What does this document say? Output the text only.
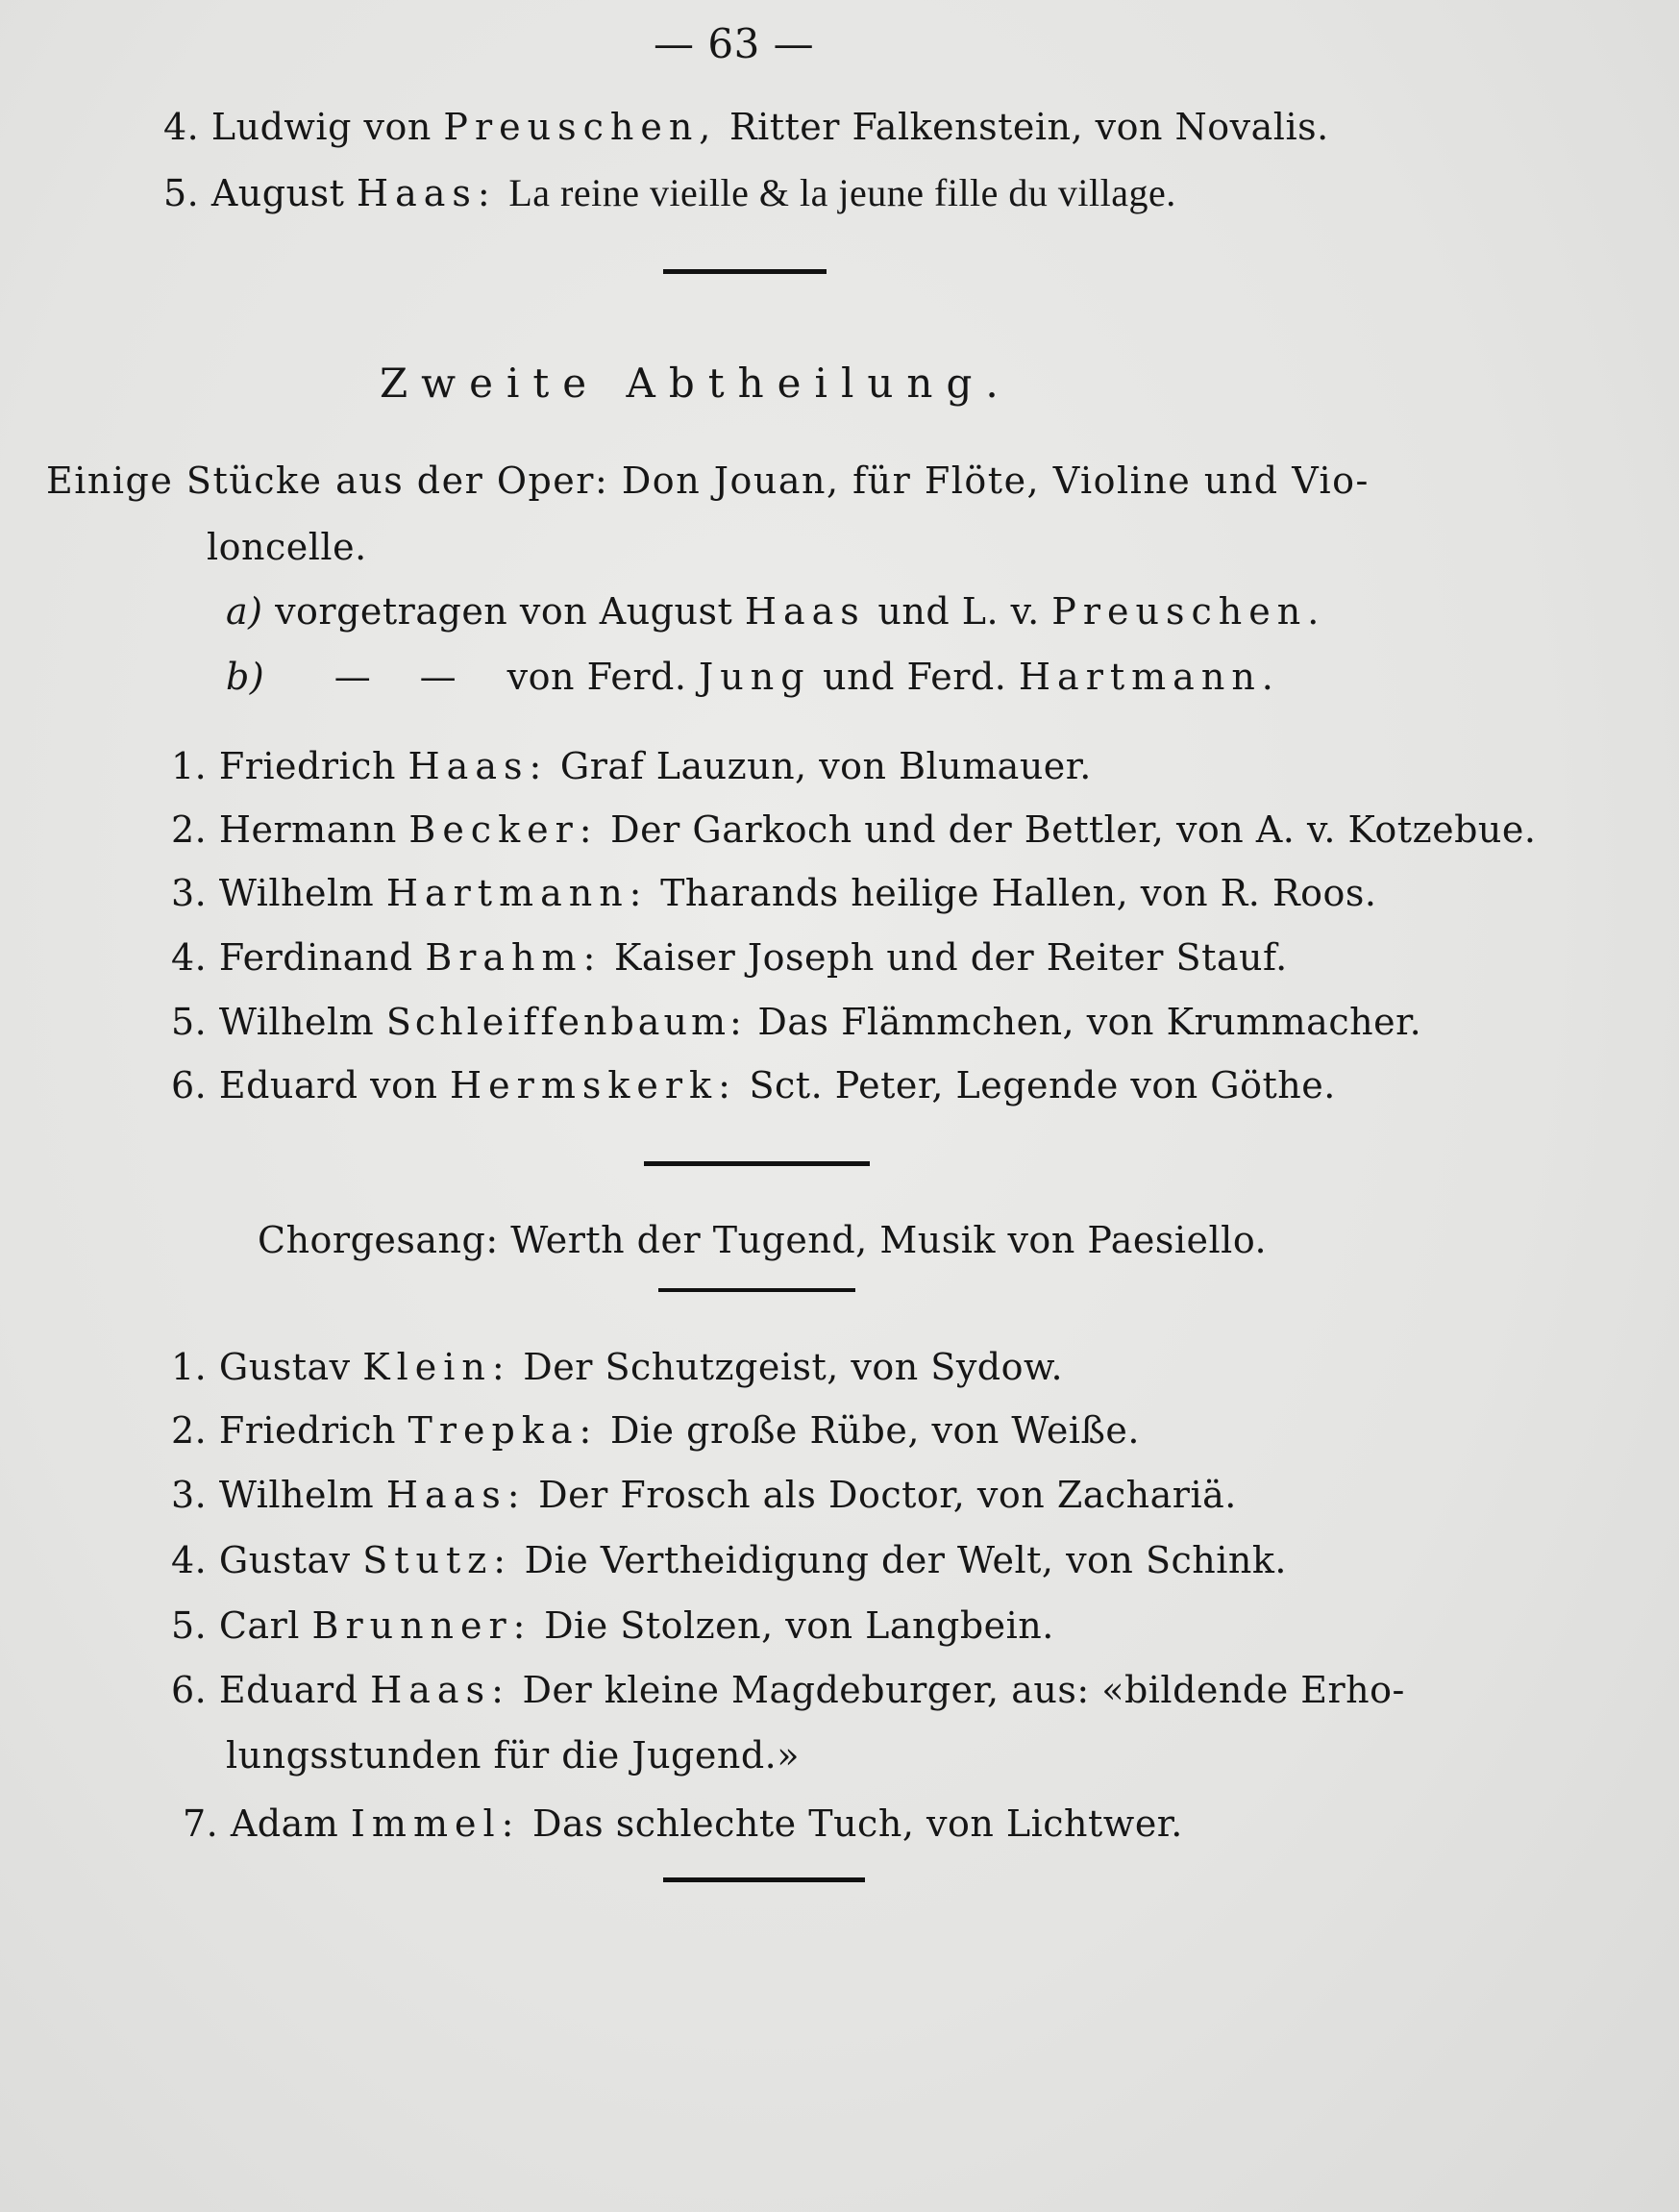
— 63 —
4. Ludwig von Preuschen, Ritter Falkenstein, von Novalis.
5. August Haas: La reine vieille & la jeune fille du village.
Zweite Abtheilung.
Einige Stücke aus der Oper: Don Jouan, für Flöte, Violine und Vio-
loncelle.
a) vorgetragen von August Haas und L. v. Preuschen.
b) —    — von Ferd. Jung und Ferd. Hartmann.
1. Friedrich Haas: Graf Lauzun, von Blumauer.
2. Hermann Becker: Der Garkoch und der Bettler, von A. v. Kotzebue.
3. Wilhelm Hartmann: Tharands heilige Hallen, von R. Roos.
4. Ferdinand Brahm: Kaiser Joseph und der Reiter Stauf.
5. Wilhelm Schleiffenbaum: Das Flämmchen, von Krummacher.
6. Eduard von Hermskerk: Sct. Peter, Legende von Göthe.
Chorgesang: Werth der Tugend, Musik von Paesiello.
1. Gustav Klein: Der Schutzgeist, von Sydow.
2. Friedrich Trepka: Die große Rübe, von Weiße.
3. Wilhelm Haas: Der Frosch als Doctor, von Zachariä.
4. Gustav Stutz: Die Vertheidigung der Welt, von Schink.
5. Carl Brunner: Die Stolzen, von Langbein.
6. Eduard Haas: Der kleine Magdeburger, aus: «bildende Erho-
lungsstunden für die Jugend.»
7. Adam Immel: Das schlechte Tuch, von Lichtwer.
